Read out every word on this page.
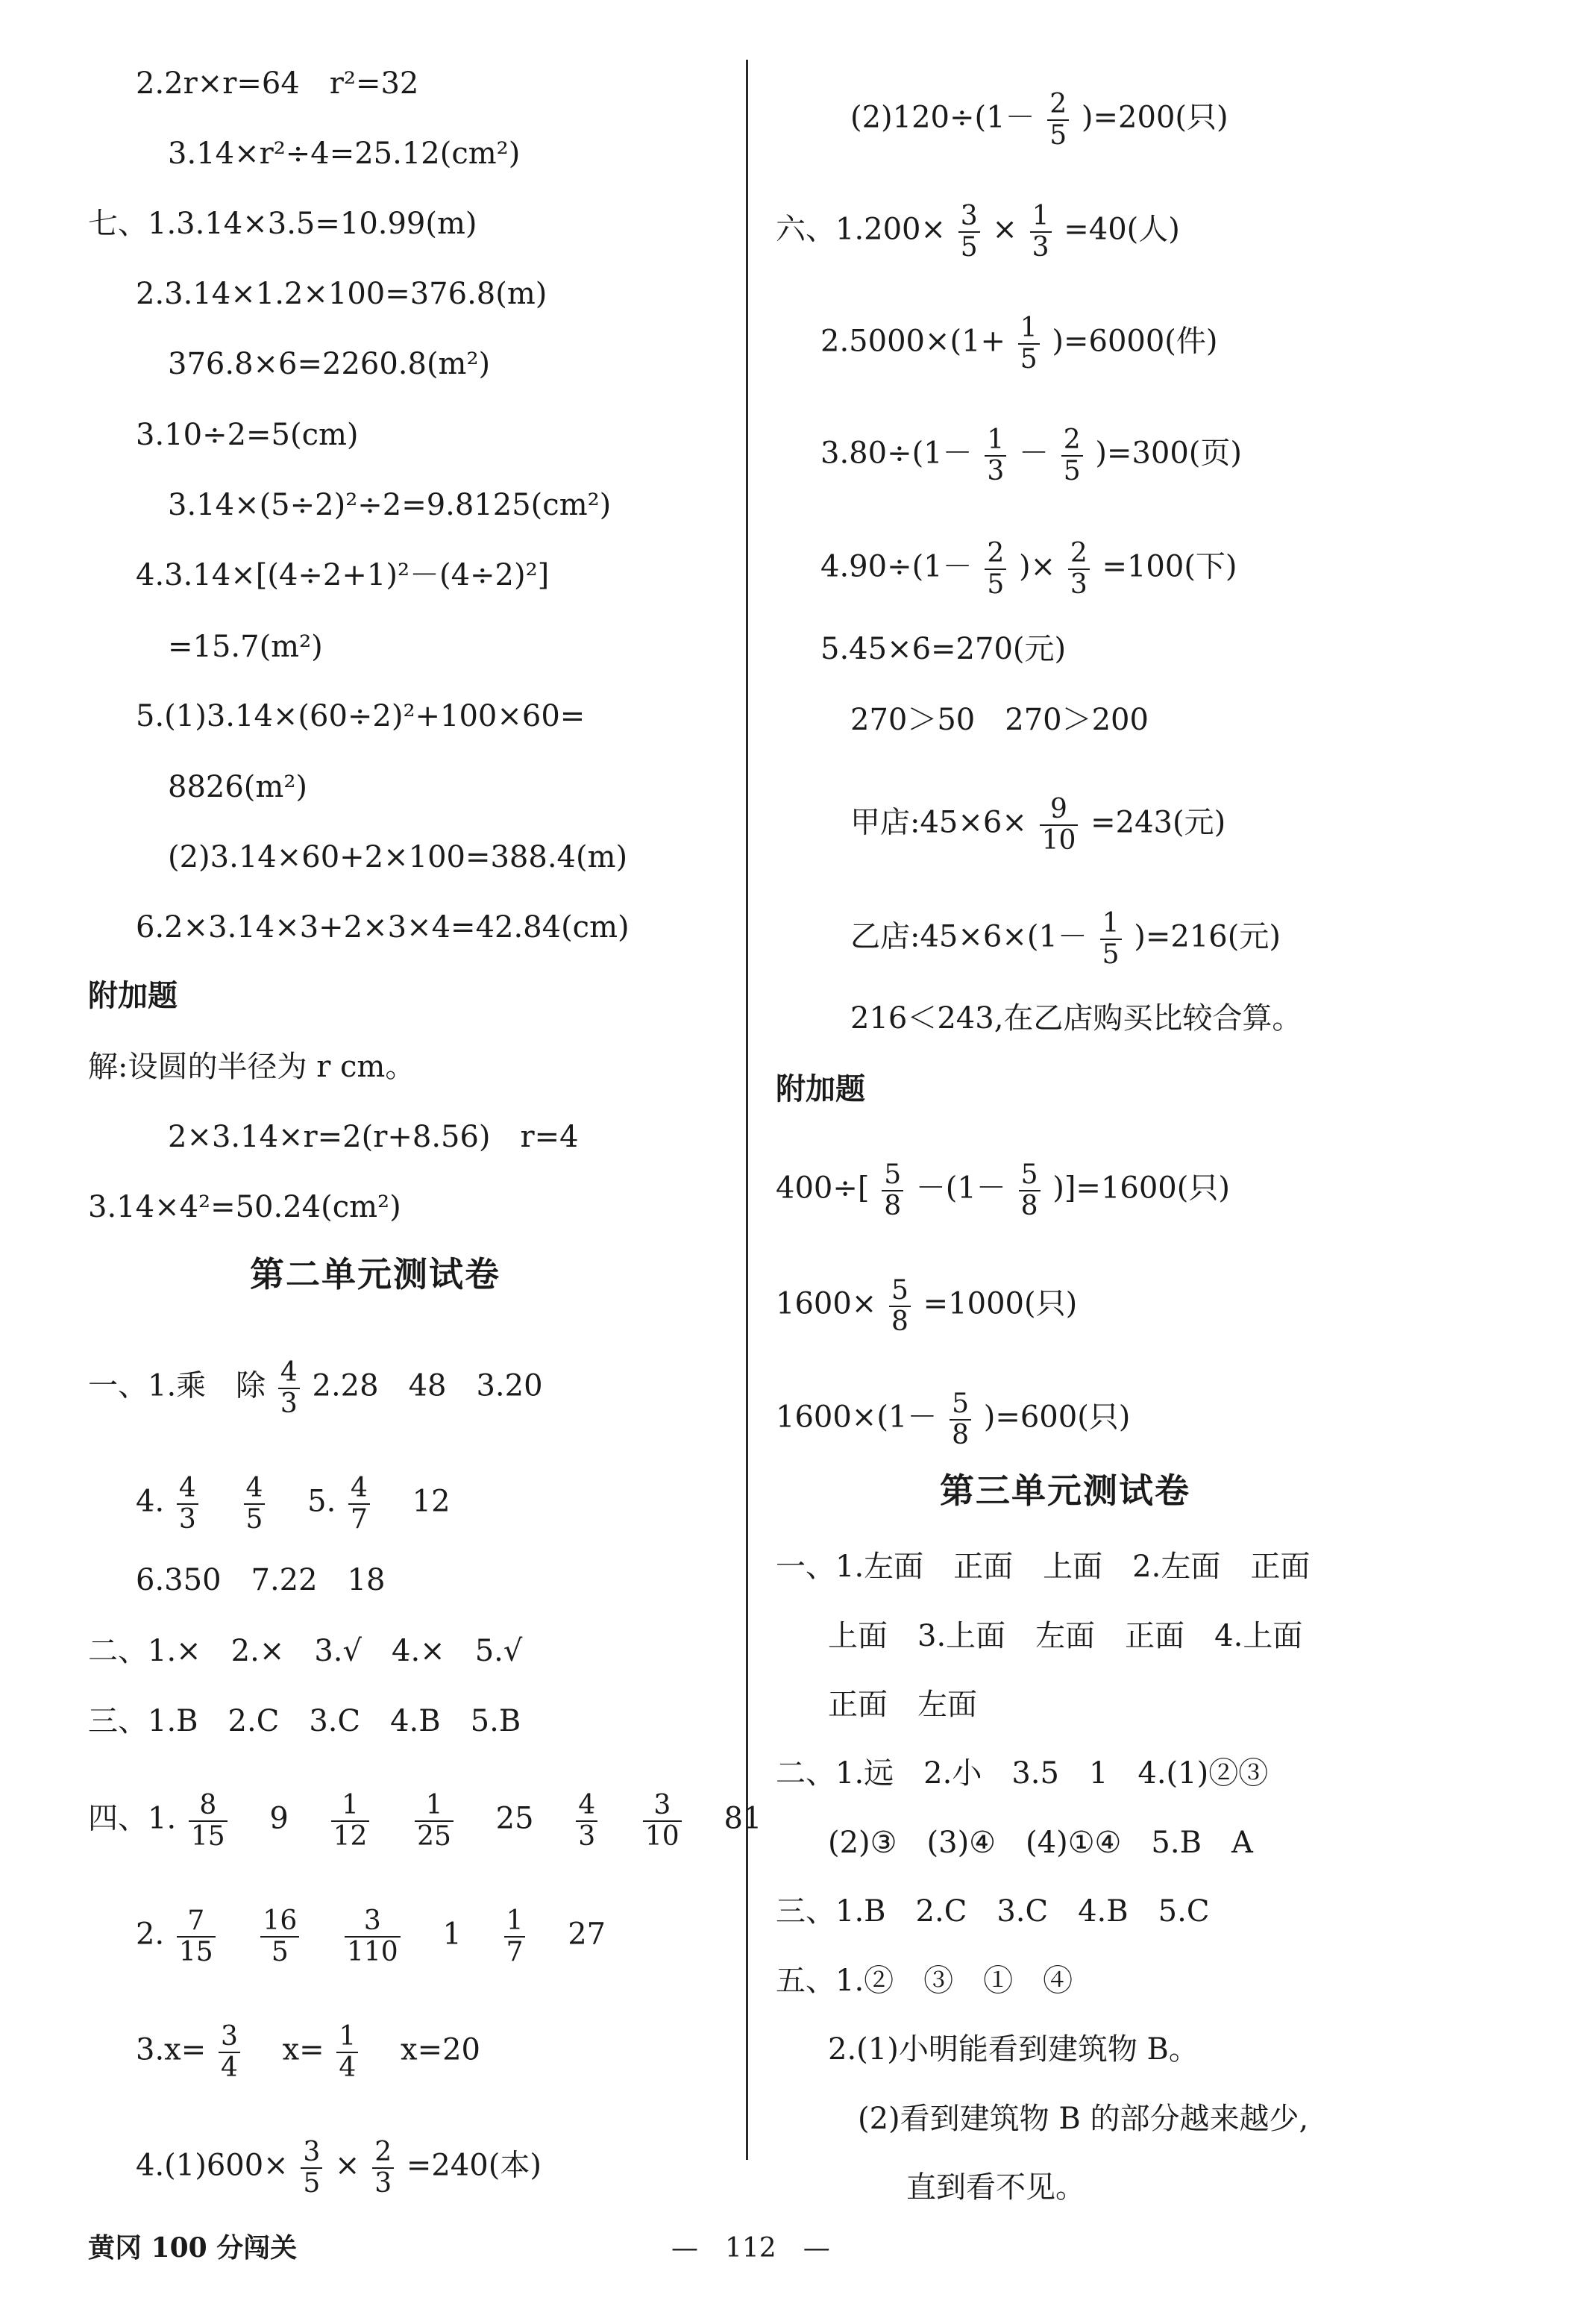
2.2r×r=64　r²=32
3.14×r²÷4=25.12(cm²)
七、1.3.14×3.5=10.99(m)
2.3.14×1.2×100=376.8(m)
376.8×6=2260.8(m²)
3.10÷2=5(cm)
3.14×(5÷2)²÷2=9.8125(cm²)
4.3.14×[(4÷2+1)²－(4÷2)²]
=15.7(m²)
5.(1)3.14×(60÷2)²+100×60=
8826(m²)
(2)3.14×60+2×100=388.4(m)
6.2×3.14×3+2×3×4=42.84(cm)
附加题
解:设圆的半径为 r cm。
2×3.14×r=2(r+8.56)　r=4
3.14×4²=50.24(cm²)
第二单元测试卷
一、1.乘　除 $\frac{4}{3} 2.28$　48　3.20
4. $\frac{4}{3}$
　 $\frac{4}{5}$
　 5. $\frac{4}{7}$
　 12
6.350　7.22　18
二、1.×　2.×　3.√　4.×　5.√
三、1.B　2.C　3.C　4.B　5.B
四、1. $\frac{8}{15}$
　 9　 $\frac{1}{12}$
　 $\frac{1}{25}$
　 25　 $\frac{4}{3}$
　 $\frac{3}{10}$
　 81
2. $\frac{7}{15}$
　 $\frac{16}{5}$
　 $\frac{3}{110}$
　 1　 $\frac{1}{7}$
　 27
$3.x= \frac{3}{4}$
　 $x= \frac{1}{4}$
　 x=20
$4.(1)600\times \frac{3}{5} \times \frac{2}{3} =240$(本)
$(2)120\div(1- \frac{2}{5} )=200$(只)
六、$1.200\times \frac{3}{5} \times \frac{1}{3} =40$(人)
$2.5000\times(1+ \frac{1}{5} )=6000$(件)
$3.80\div(1- \frac{1}{3} - \frac{2}{5} )=300$(页)
$4.90\div(1- \frac{2}{5}$ )× $\frac{2}{3} =100$(下)
5.45×6=270(元)
270＞50　270＞200
甲店:45×6× $\frac{9}{10} =243$(元)
乙店:45×6×(1－ $\frac{1}{5} )=216$(元)
216＜243,在乙店购买比较合算。
附加题
$400\div[ \frac{5}{8} -(1- \frac{5}{8} )]=1600$(只)
$1600\times \frac{5}{8} =1000$(只)
$1600\times(1- \frac{5}{8} )=600$(只)
第三单元测试卷
一、1.左面　正面　上面　2.左面　正面
上面　3.上面　左面　正面　4.上面
正面　左面
二、1.远　2.小　3.5　1　4.(1)②③
(2)③　(3)④　(4)①④　5.B　A
三、1.B　2.C　3.C　4.B　5.C
五、1.②　③　①　④
2.(1)小明能看到建筑物 B。
(2)看到建筑物 B 的部分越来越少,
直到看不见。
黄冈 100 分闯关	—　112　—
